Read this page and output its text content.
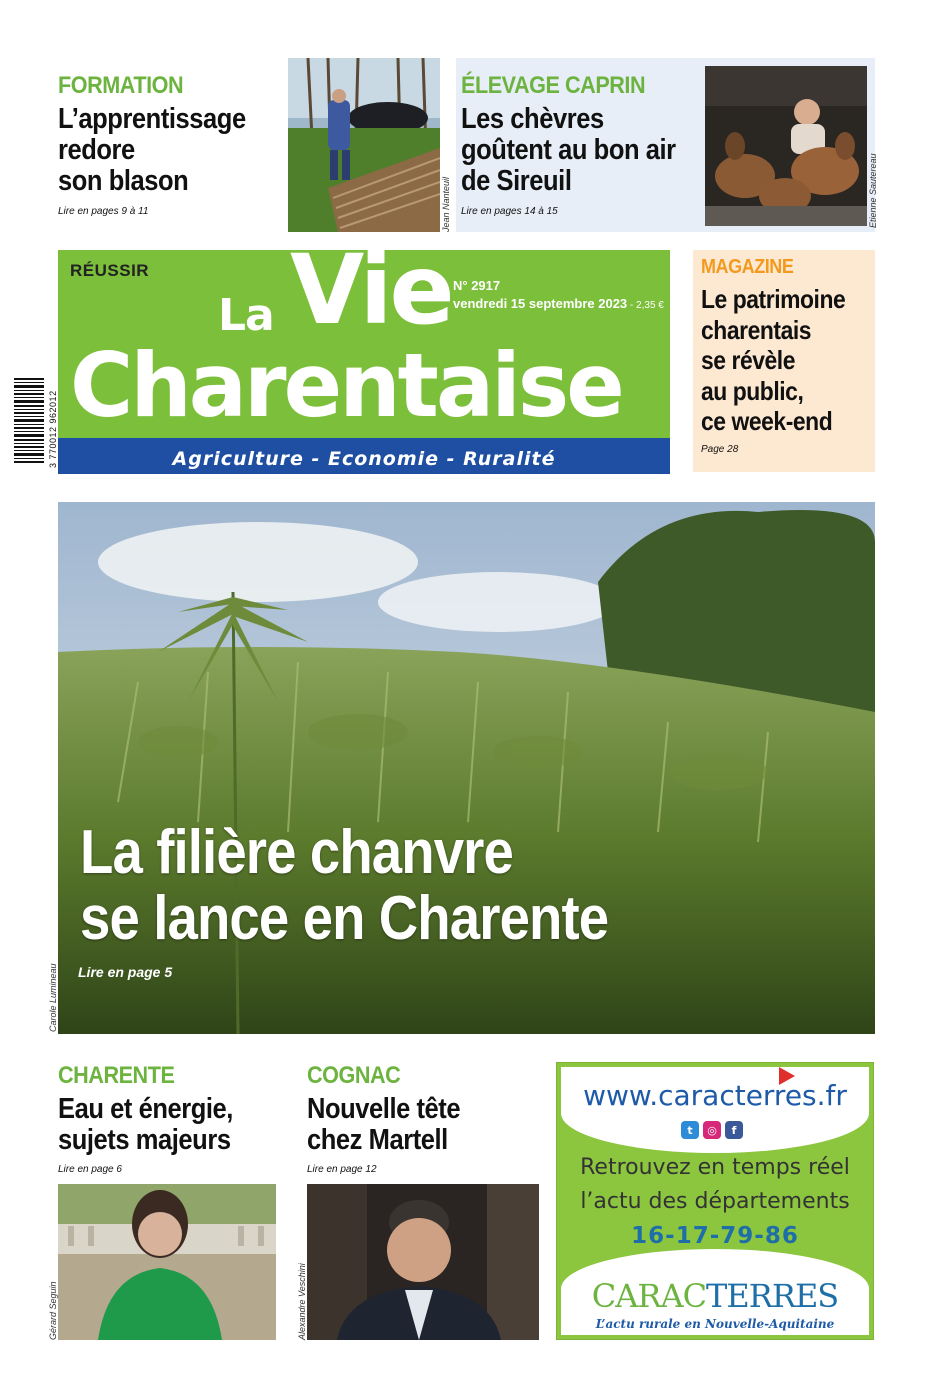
FORMATION
L’apprentissage
redore
son blason
Lire en pages 9 à 11	Jean Nanteuil
ÉLEVAGE CAPRIN
Les chèvres
goûtent au bon air
de Sireuil
Lire en pages 14 à 15	Etienne Sautereau
RÉUSSIR
La Vie
Charentaise
N° 2917
vendredi 15 septembre 2023 - 2,35 €
Agriculture - Economie - Ruralité
3 770012 962012
MAGAZINE
Le patrimoine
charentais
se révèle
au public,
ce week-end
Page 28
La filière chanvre
se lance en Charente
Lire en page 5
Carole Lumineau
CHARENTE
Eau et énergie,
sujets majeurs
Lire en page 6
Gérard Seguin
COGNAC
Nouvelle tête
chez Martell
Lire en page 12
Alexandre Veschini
www.caracterres.fr
t	◎	f
Retrouvez en temps réel
l’actu des départements
16-17-79-86
CARACTERRES
L’actu rurale en Nouvelle-Aquitaine
